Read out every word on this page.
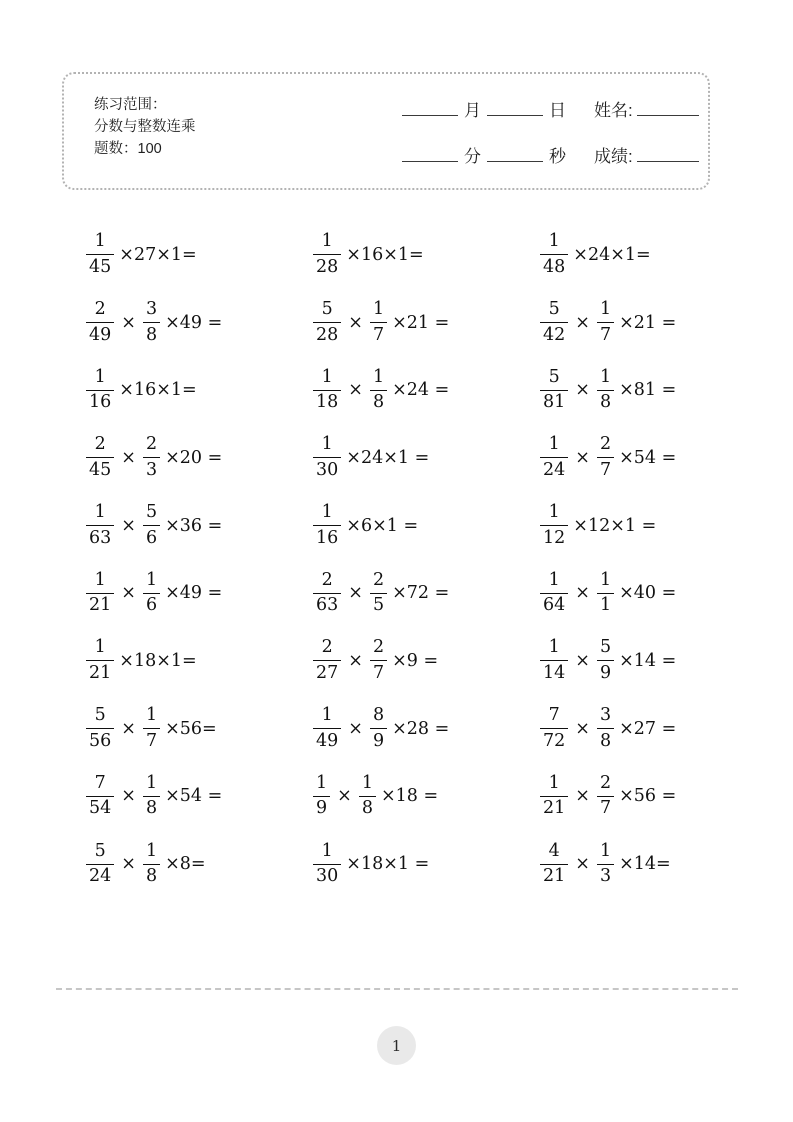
练习范围：
分数与整数连乘
题数：100
月	日 姓名:
分	秒 成绩:
$\frac{1}{45} \times 27\times 1=$	$\frac{1}{28} \times 16\times 1=$	$\frac{1}{48} \times 24\times 1=$
$\frac{2}{49} \times \frac{3}{8} \times 49$ =	$\frac{5}{28} \times \frac{1}{7} \times 21$ =	$\frac{5}{42} \times \frac{1}{7} \times 21$ =
$\frac{1}{16} \times 16\times 1=$	$\frac{1}{18} \times \frac{1}{8} \times 24$ =	$\frac{5}{81} \times \frac{1}{8} \times 81$ =
$\frac{2}{45} \times \frac{2}{3} \times 20$ =	$\frac{1}{30} \times 24\times 1$ =	$\frac{1}{24} \times \frac{2}{7} \times 54$ =
$\frac{1}{63} \times \frac{5}{6} \times 36$ =	$\frac{1}{16} \times 6\times 1$ =	$\frac{1}{12} \times 12\times 1$ =
$\frac{1}{21} \times \frac{1}{6} \times 49$ =	$\frac{2}{63} \times \frac{2}{5} \times 72$ =	$\frac{1}{64} \times \frac{1}{1} \times 40$ =
$\frac{1}{21} \times 18\times 1=$	$\frac{2}{27} \times \frac{2}{7} \times 9$ =	$\frac{1}{14} \times \frac{5}{9} \times 14$ =
$\frac{5}{56} \times \frac{1}{7} \times 56=$	$\frac{1}{49} \times \frac{8}{9} \times 28$ =	$\frac{7}{72} \times \frac{3}{8} \times 27$ =
$\frac{7}{54} \times \frac{1}{8} \times 54$ =	$\frac{1}{9} \times \frac{1}{8} \times 18$ =	$\frac{1}{21} \times \frac{2}{7} \times 56$ =
$\frac{5}{24} \times \frac{1}{8} \times 8=$	$\frac{1}{30} \times 18\times 1$ =	$\frac{4}{21} \times \frac{1}{3} \times 14=$
1
